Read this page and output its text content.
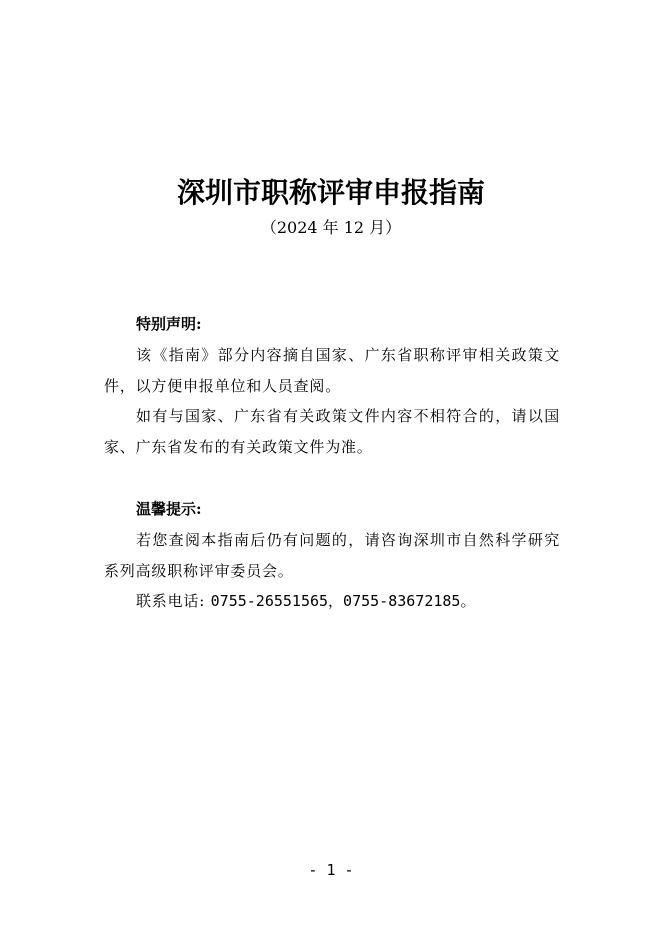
深圳市职称评审申报指南
（2024 年 12 月）
特别声明:

该《指南》部分内容摘自国家、广东省职称评审相关政策文件，以方便申报单位和人员查阅。

如有与国家、广东省有关政策文件内容不相符合的，请以国家、广东省发布的有关政策文件为准。

温馨提示:

若您查阅本指南后仍有问题的，请咨询深圳市自然科学研究系列高级职称评审委员会。

联系电话: 0755-26551565，0755-83672185。

- 1 -
